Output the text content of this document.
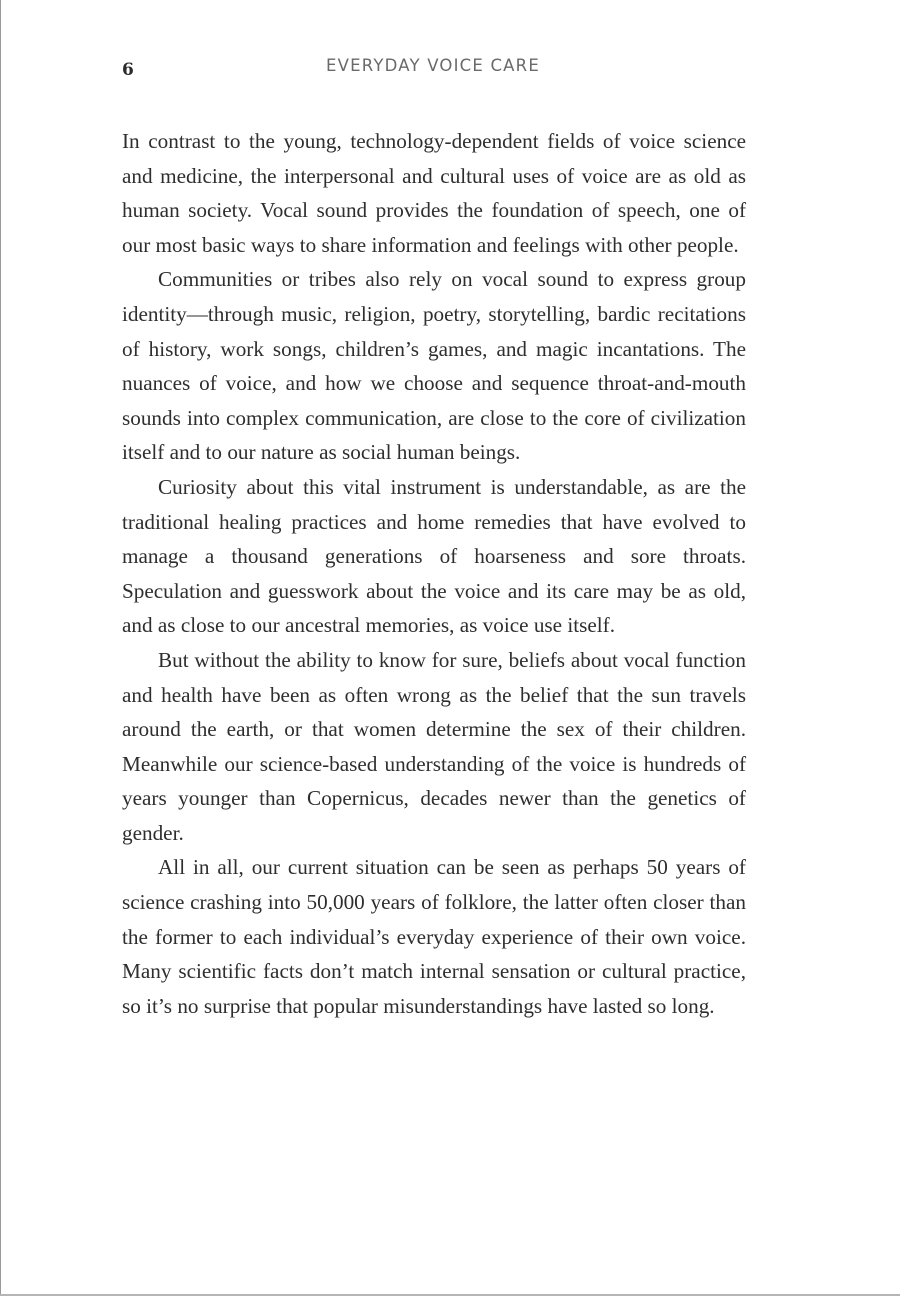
6	EVERYDAY VOICE CARE

In contrast to the young, technology-dependent fields of voice science and medicine, the interpersonal and cultural uses of voice are as old as human society. Vocal sound provides the foundation of speech, one of our most basic ways to share information and feelings with other people.

Communities or tribes also rely on vocal sound to express group identity—through music, religion, poetry, storytelling, bardic recitations of history, work songs, children’s games, and magic incantations. The nuances of voice, and how we choose and sequence throat-and-mouth sounds into complex communication, are close to the core of civilization itself and to our nature as social human beings.

Curiosity about this vital instrument is understandable, as are the traditional healing practices and home remedies that have evolved to manage a thousand generations of hoarseness and sore throats. Speculation and guesswork about the voice and its care may be as old, and as close to our ancestral memories, as voice use itself.

But without the ability to know for sure, beliefs about vocal function and health have been as often wrong as the belief that the sun travels around the earth, or that women determine the sex of their children. Meanwhile our science-based understanding of the voice is hundreds of years younger than Copernicus, decades newer than the genetics of gender.

All in all, our current situation can be seen as perhaps 50 years of science crashing into 50,000 years of folklore, the latter often closer than the former to each individual’s everyday experience of their own voice. Many scientific facts don’t match internal sensation or cultural practice, so it’s no surprise that popular misunderstandings have lasted so long.
